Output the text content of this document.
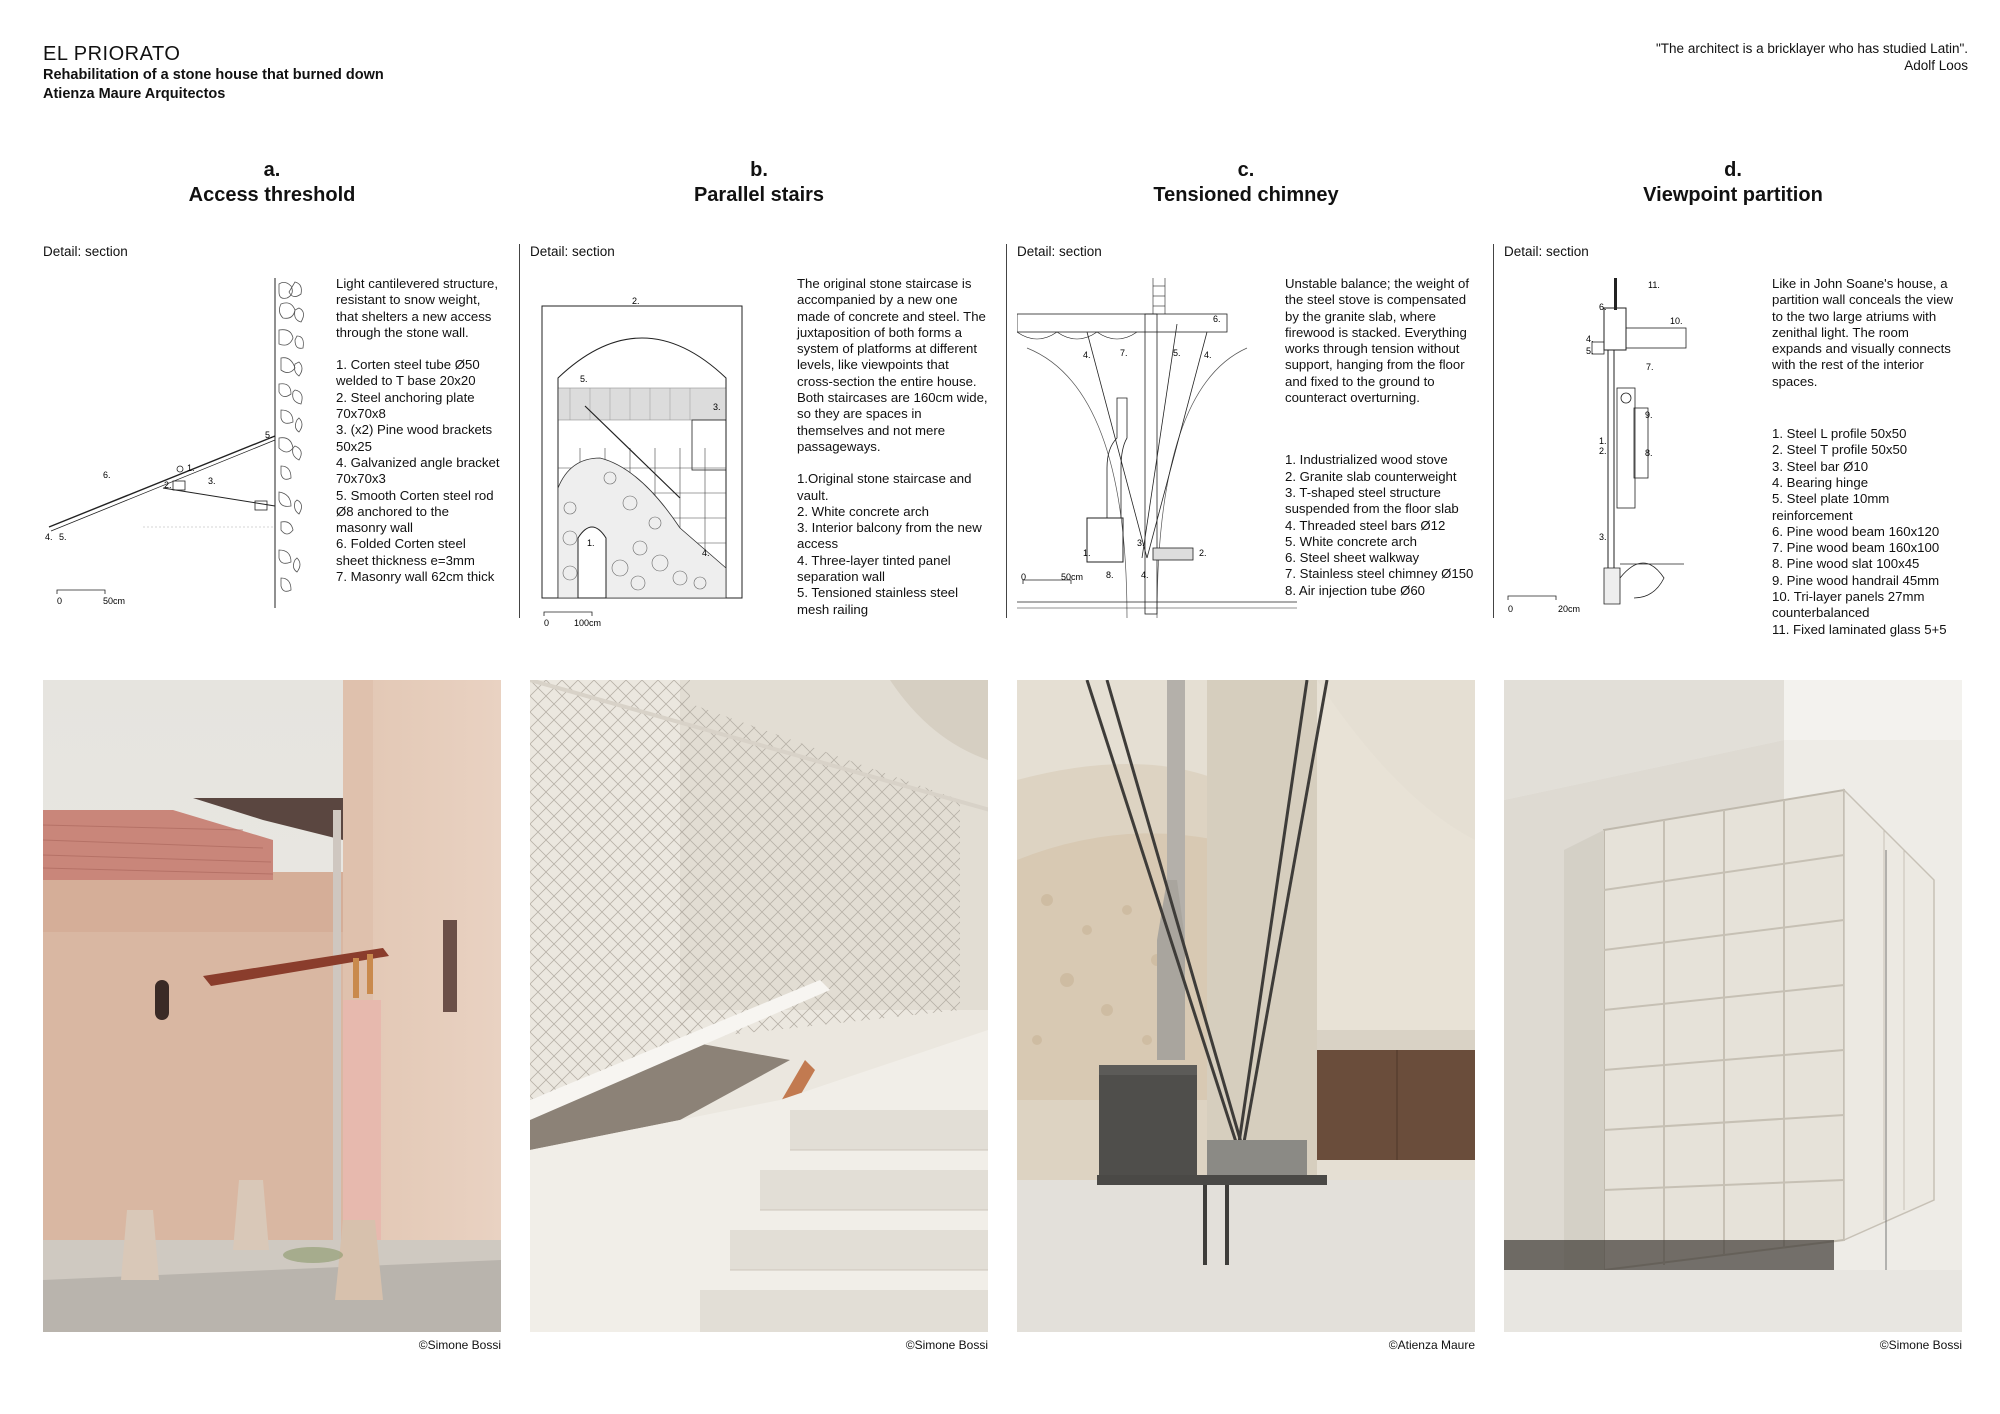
EL PRIORATO
Rehabilitation of a stone house that burned down
Atienza Maure Arquitectos
"The architect is a bricklayer who has studied Latin".
Adolf Loos
a.
Access threshold
Detail: section
1.
2.	3.
4. 5.
5.
6.
0	50cm

Light cantilevered structure, resistant to snow weight, that shelters a new access through the stone wall.

1. Corten steel tube Ø50 welded to T base 20x20
2. Steel anchoring plate 70x70x8
3. (x2) Pine wood brackets 50x25
4. Galvanized angle bracket 70x70x3
5. Smooth Corten steel rod Ø8 anchored to the masonry wall
6. Folded Corten steel sheet thickness e=3mm
7. Masonry wall 62cm thick
©Simone Bossi
b.
Parallel stairs
Detail: section
1.
2.
3.
4.
5.
0	100cm

The original stone staircase is accompanied by a new one made of concrete and steel. The juxtaposition of both forms a system of platforms at different levels, like viewpoints that cross-section the entire house. Both staircases are 160cm wide, so they are spaces in themselves and not mere passageways.

1.Original stone staircase and vault.
2. White concrete arch
3. Interior balcony from the new access
4. Three-layer tinted panel separation wall
5. Tensioned stainless steel mesh railing
©Simone Bossi
c.
Tensioned chimney
Detail: section
1.	2.
3.
4.	4.
4.
5.
6.
7.
8.
0	50cm

Unstable balance; the weight of the steel stove is compensated by the granite slab, where firewood is stacked. Everything works through tension without support, hanging from the floor and fixed to the ground to counteract overturning.

1. Industrialized wood stove
2. Granite slab counterweight
3. T-shaped steel structure suspended from the floor slab
4. Threaded steel bars Ø12
5. White concrete arch
6. Steel sheet walkway
7. Stainless steel chimney Ø150
8. Air injection tube Ø60
©Atienza Maure
d.
Viewpoint partition
Detail: section
1.
2.
3.
4.
5.
6.
7.
8.
9.
10.
11.
0	20cm

Like in John Soane's house, a partition wall conceals the view to the two large atriums with zenithal light. The room expands and visually connects with the rest of the interior spaces.

1. Steel L profile 50x50
2. Steel T profile 50x50
3. Steel bar Ø10
4. Bearing hinge
5. Steel plate 10mm reinforcement
6. Pine wood beam 160x120
7. Pine wood beam 160x100
8. Pine wood slat 100x45
9. Pine wood handrail 45mm
10. Tri-layer panels 27mm counterbalanced
11. Fixed laminated glass 5+5
©Simone Bossi
